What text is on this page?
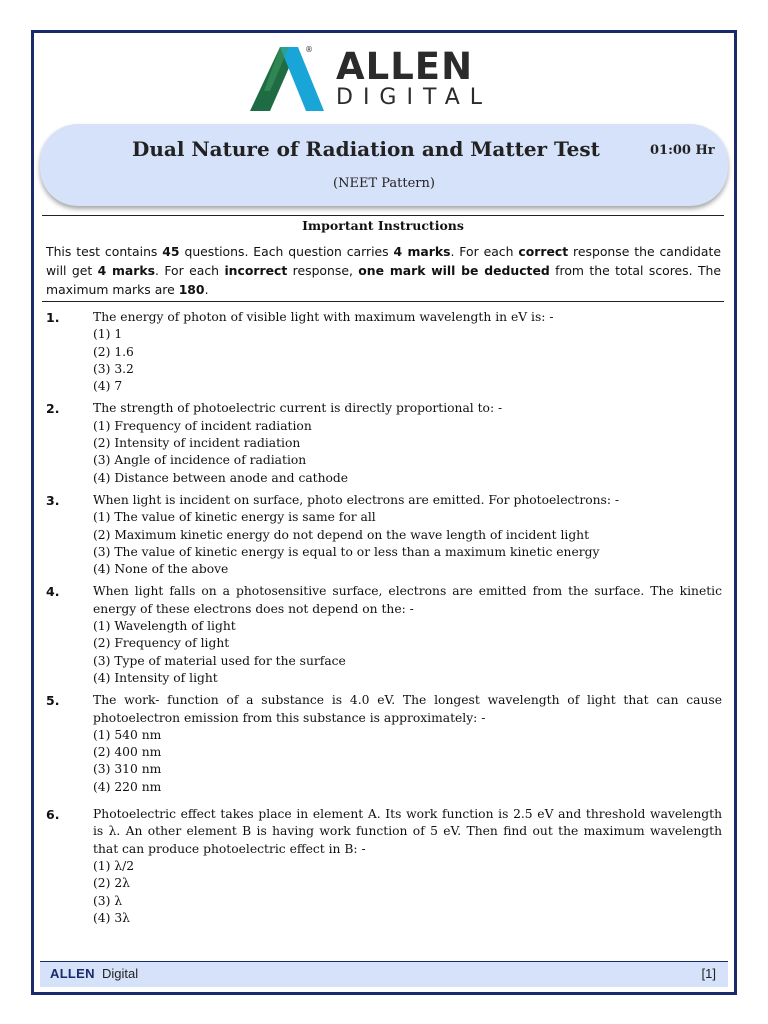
® ALLEN
DIGITAL
Dual Nature of Radiation and Matter Test	01:00 Hr
(NEET Pattern)
Important Instructions

This test contains 45 questions. Each question carries 4 marks. For each correct response the candidate will get 4 marks. For each incorrect response, one mark will be deducted from the total scores. The maximum marks are 180.

1.	The energy of photon of visible light with maximum wavelength in eV is: -
(1) 1
(2) 1.6
(3) 3.2
(4) 7
2.	The strength of photoelectric current is directly proportional to: -
(1) Frequency of incident radiation
(2) Intensity of incident radiation
(3) Angle of incidence of radiation
(4) Distance between anode and cathode
3.	When light is incident on surface, photo electrons are emitted. For photoelectrons: -
(1) The value of kinetic energy is same for all
(2) Maximum kinetic energy do not depend on the wave length of incident light
(3) The value of kinetic energy is equal to or less than a maximum kinetic energy
(4) None of the above
4.	When light falls on a photosensitive surface, electrons are emitted from the surface. The kinetic energy of these electrons does not depend on the: -
(1) Wavelength of light
(2) Frequency of light
(3) Type of material used for the surface
(4) Intensity of light
5.	The work- function of a substance is 4.0 eV. The longest wavelength of light that can cause photoelectron emission from this substance is approximately: -
(1) 540 nm
(2) 400 nm
(3) 310 nm
(4) 220 nm
6.	Photoelectric effect takes place in element A. Its work function is 2.5 eV and threshold wavelength is λ. An other element B is having work function of 5 eV. Then find out the maximum wavelength that can produce photoelectric effect in B: -
(1) λ/2
(2) 2λ
(3) λ
(4) 3λ
ALLEN Digital	[1]
